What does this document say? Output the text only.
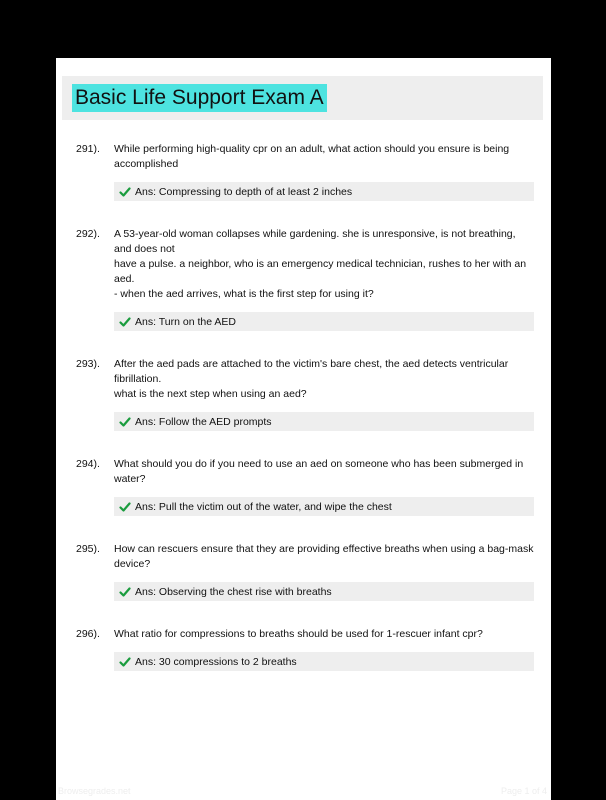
Basic Life Support Exam A
291). While performing high-quality cpr on an adult, what action should you ensure is being accomplished
Ans: Compressing to depth of at least 2 inches
292). A 53-year-old woman collapses while gardening. she is unresponsive, is not breathing, and does not
have a pulse. a neighbor, who is an emergency medical technician, rushes to her with an aed.
- when the aed arrives, what is the first step for using it?
Ans: Turn on the AED
293). After the aed pads are attached to the victim's bare chest, the aed detects ventricular fibrillation.
what is the next step when using an aed?
Ans: Follow the AED prompts
294). What should you do if you need to use an aed on someone who has been submerged in water?
Ans: Pull the victim out of the water, and wipe the chest
295). How can rescuers ensure that they are providing effective breaths when using a bag-mask device?
Ans: Observing the chest rise with breaths
296). What ratio for compressions to breaths should be used for 1-rescuer infant cpr?
Ans: 30 compressions to 2 breaths
Browsegrades.net	Page 1 of 4
